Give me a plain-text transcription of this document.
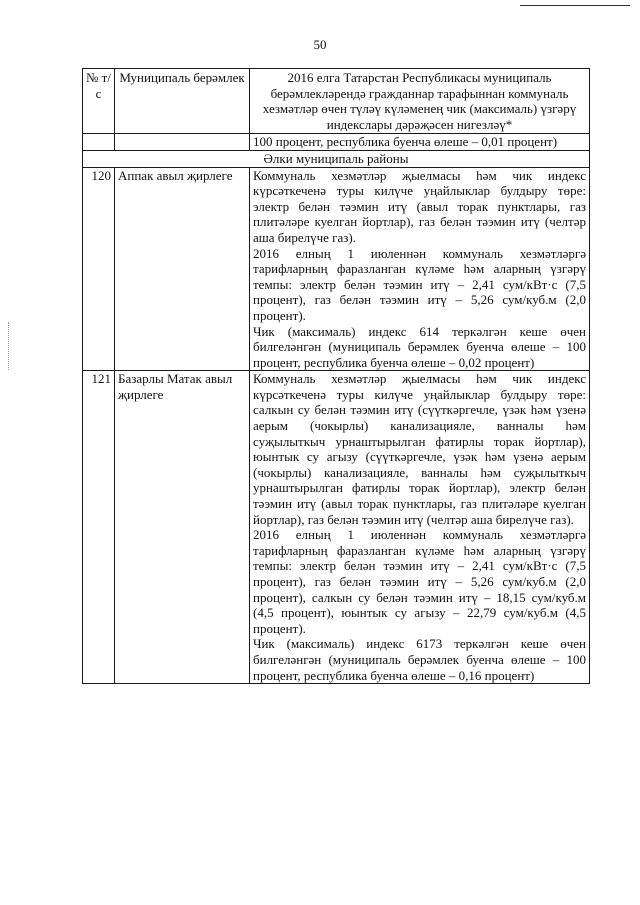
50
№ т/с	Муниципаль берәмлек	2016 елга Татарстан Республикасы муниципаль берәмлекләрендә гражданнар тарафыннан коммуналь хезмәтләр өчен түләү күләменең чик (максималь) үзгәрү индекслары дәрәҗәсен нигезләү*
		100 процент, республика буенча өлеше – 0,01 процент)
Әлки муниципаль районы		
120	Аппак авыл җирлеге	Коммуналь хезмәтләр җыелмасы һәм чик индекс күрсәткеченә туры килүче уңайлыклар булдыру төре: электр белән тәэмин итү (авыл торак пунктлары, газ плитәләре куелган йортлар), газ белән тәэмин итү (челтәр аша бирелүче газ).

2016 елның 1 июленнән коммуналь хезмәтләргә тарифларның фаразланган күләме һәм аларның үзгәрү темпы: электр белән тәэмин итү – 2,41 сум/кВт·с (7,5 процент), газ белән тәэмин итү – 5,26 сум/куб.м (2,0 процент).

Чик (максималь) индекс 614 теркәлгән кеше өчен билгеләнгән (муниципаль берәмлек буенча өлеше – 100 процент, республика буенча өлеше – 0,02 процент)

121	Базарлы Матак авыл җирлеге	Коммуналь хезмәтләр җыелмасы һәм чик индекс күрсәткеченә туры килүче уңайлыклар булдыру төре: салкын су белән тәэмин итү (сүүткәргечле, үзәк һәм үзенә аерым (чокырлы) канализацияле, ванналы һәм суҗылыткыч урнаштырылган фатирлы торак йортлар), юынтык су агызу (сүүткәргечле, үзәк һәм үзенә аерым (чокырлы) канализацияле, ванналы һәм суҗылыткыч урнаштырылган фатирлы торак йортлар), электр белән тәэмин итү (авыл торак пунктлары, газ плитәләре куелган йортлар), газ белән тәэмин итү (челтәр аша бирелүче газ).

2016 елның 1 июленнән коммуналь хезмәтләргә тарифларның фаразланган күләме һәм аларның үзгәрү темпы: электр белән тәэмин итү – 2,41 сум/кВт·с (7,5 процент), газ белән тәэмин итү – 5,26 сум/куб.м (2,0 процент), салкын су белән тәэмин итү – 18,15 сум/куб.м (4,5 процент), юынтык су агызу – 22,79 сум/куб.м (4,5 процент).

Чик (максималь) индекс 6173 теркәлгән кеше өчен билгеләнгән (муниципаль берәмлек буенча өлеше – 100 процент, республика буенча өлеше – 0,16 процент)
